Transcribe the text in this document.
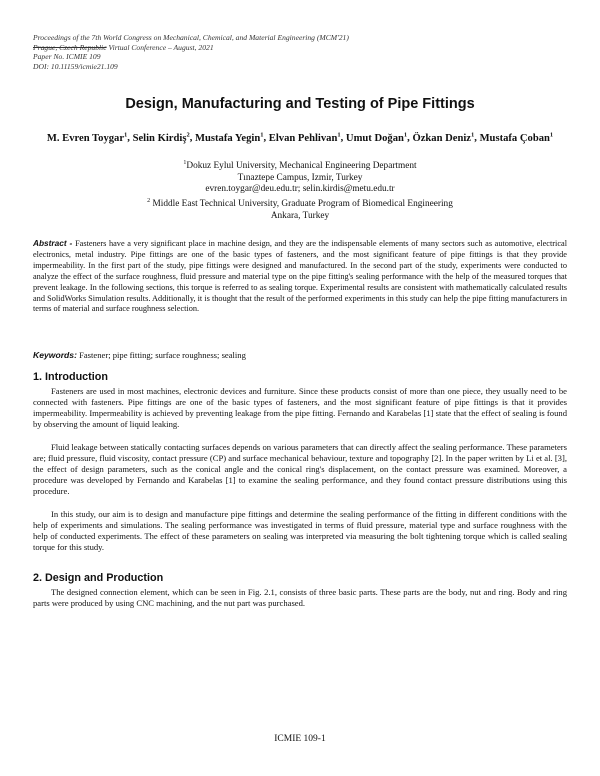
Proceedings of the 7th World Congress on Mechanical, Chemical, and Material Engineering (MCM'21)
Prague, Czech Republic Virtual Conference – August, 2021
Paper No. ICMIE 109
DOI: 10.11159/icmie21.109
Design, Manufacturing and Testing of Pipe Fittings
M. Evren Toygar$^1$, Selin Kirdiş$^2$, Mustafa Yegin$^1$, Elvan Pehlivan$^1$, Umut Doğan$^1$, Özkan Deniz$^1$, Mustafa Çoban$^1$
$^1$Dokuz Eylul University, Mechanical Engineering Department
Tınaztepe Campus, Izmir, Turkey
evren.toygar@deu.edu.tr; selin.kirdis@metu.edu.tr
$^2$ Middle East Technical University, Graduate Program of Biomedical Engineering
Ankara, Turkey
Abstract - Fasteners have a very significant place in machine design, and they are the indispensable elements of many sectors such as automotive, electrical electronics, metal industry. Pipe fittings are one of the basic types of fasteners, and the most significant feature of pipe fittings is that they provide impermeability. In the first part of the study, pipe fittings were designed and manufactured. In the second part of the study, experiments were conducted to analyze the effect of the surface roughness, fluid pressure and material type on the pipe fitting's sealing performance with the help of the measured torques that prevent leakage. In the following sections, this torque is referred to as sealing torque. Experimental results are consistent with mathematically calculated results and SolidWorks Simulation results. Additionally, it is thought that the result of the performed experiments in this study can help the pipe fitting manufacturers in terms of material and surface roughness selection.
Keywords: Fastener; pipe fitting; surface roughness; sealing
1. Introduction
Fasteners are used in most machines, electronic devices and furniture. Since these products consist of more than one piece, they usually need to be connected with fasteners. Pipe fittings are one of the basic types of fasteners, and the most significant feature of pipe fittings is that it provides impermeability. Impermeability is achieved by preventing leakage from the pipe fitting. Fernando and Karabelas [1] state that the effect of sealing is found by observing the amount of liquid leaking.
Fluid leakage between statically contacting surfaces depends on various parameters that can directly affect the sealing performance. These parameters are; fluid pressure, fluid viscosity, contact pressure (CP) and surface mechanical behaviour, texture and topography [2]. In the paper written by Li et al. [3], the effect of design parameters, such as the conical angle and the conical ring's displacement, on the contact pressure was examined. Moreover, a procedure was developed by Fernando and Karabelas [1] to examine the sealing performance, and they found contact pressure distributions using this procedure.
In this study, our aim is to design and manufacture pipe fittings and determine the sealing performance of the fitting in different conditions with the help of experiments and simulations. The sealing performance was investigated in terms of fluid pressure, material type and surface roughness with the help of conducted experiments. The effect of these parameters on sealing was interpreted via measuring the bolt tightening torque which is called sealing torque for this study.
2. Design and Production
The designed connection element, which can be seen in Fig. 2.1, consists of three basic parts. These parts are the body, nut and ring. Body and ring parts were produced by using CNC machining, and the nut part was purchased.
ICMIE 109-1
